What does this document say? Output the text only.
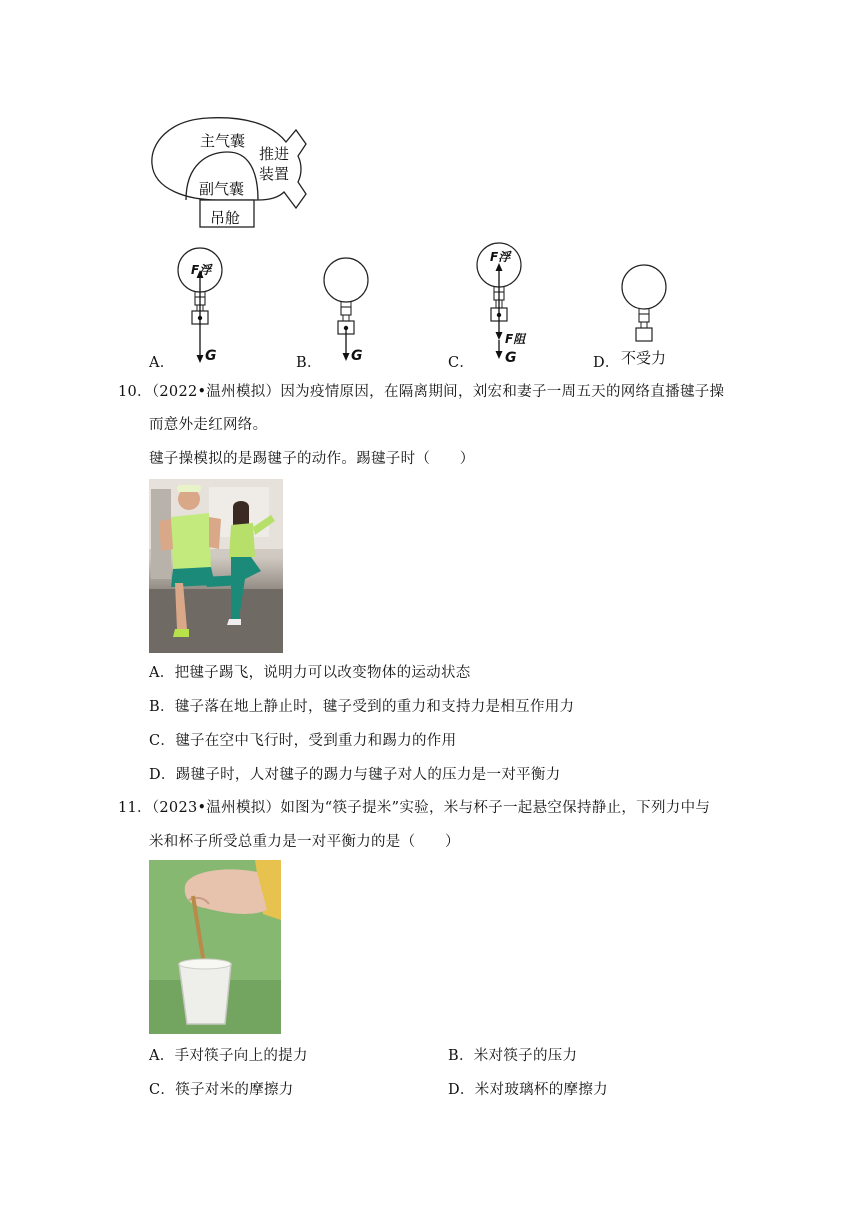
主气囊
副气囊
推进
装置
吊舱
F浮
G
A．	G
B．
F浮
F阻
G
C．	不受力
D．
10．（2022•温州模拟）因为疫情原因，在隔离期间，刘宏和妻子一周五天的网络直播毽子操
而意外走红网络。
毽子操模拟的是踢毽子的动作。踢毽子时（　　）
A．把毽子踢飞，说明力可以改变物体的运动状态
B．毽子落在地上静止时，毽子受到的重力和支持力是相互作用力
C．毽子在空中飞行时，受到重力和踢力的作用
D．踢毽子时，人对毽子的踢力与毽子对人的压力是一对平衡力
11．（2023•温州模拟）如图为“筷子提米”实验，米与杯子一起悬空保持静止，下列力中与
米和杯子所受总重力是一对平衡力的是（　　）
A．手对筷子向上的提力	B．米对筷子的压力
C．筷子对米的摩擦力	D．米对玻璃杯的摩擦力
